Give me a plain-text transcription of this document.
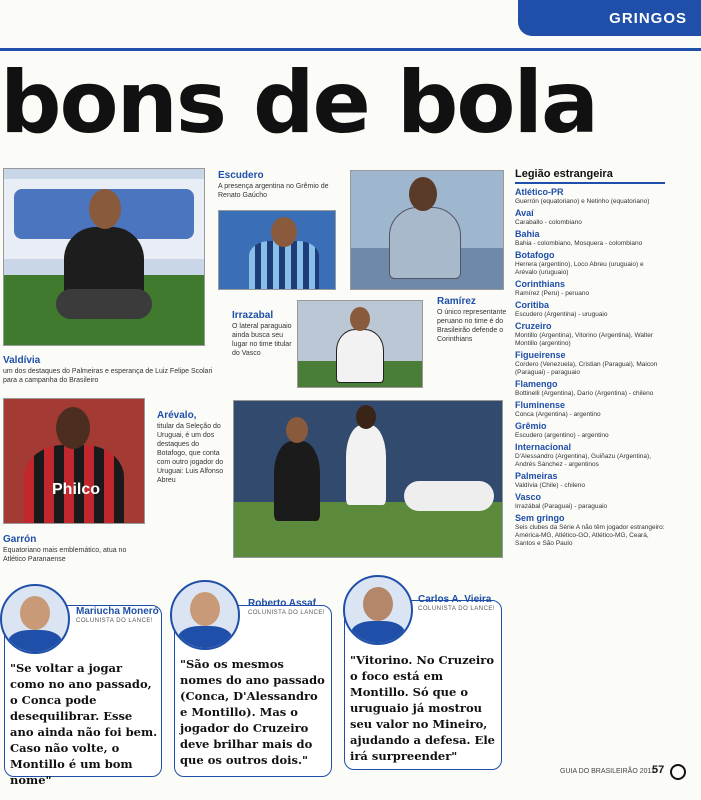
GRINGOS
bons de bola
Valdívia
um dos destaques do Palmeiras e esperança de Luiz Felipe Scolari para a campanha do Brasileiro
Escudero
A presença argentina no Grêmio de Renato Gaúcho
Irrazabal
O lateral paraguaio ainda busca seu lugar no time titular do Vasco
Ramírez
O único representante peruano no time é do Brasileirão defende o Corinthians
Philco
Garrón
Equatoriano mais emblemático, atua no Atlético Paranaense
Arévalo,
titular da Seleção do Uruguai, é um dos destaques do Botafogo, que conta com outro jogador do Uruguai: Luis Alfonso Abreu
Legião estrangeira
Atlético-PR
Guerrón (equatoriano) e Netinho (equatoriano)
Avaí
Caraballo - colombiano
Bahia
Bahia - colombiano, Mosquera - colombiano
Botafogo
Herrera (argentino), Loco Abreu (uruguaio) e Arévalo (uruguaio)
Corinthians
Ramírez (Peru) - peruano
Coritiba
Escudero (Argentina) - uruguaio
Cruzeiro
Montillo (Argentina), Vitorino (Argentina), Walter Montillo (argentino)
Figueirense
Cordero (Venezuela), Cristian (Paraguai), Maicon (Paraguai) - paraguaio
Flamengo
Bottinelli (Argentina), Darío (Argentina) - chileno
Fluminense
Conca (Argentina) - argentino
Grêmio
Escudero (argentino) - argentino
Internacional
D'Alessandro (Argentina), Guiñazu (Argentina), Andrés Sánchez - argentinos
Palmeiras
Valdívia (Chile) - chileno
Vasco
Irrazábal (Paraguai) - paraguaio
Sem gringo
Seis clubes da Série A não têm jogador estrangeiro: América-MG, Atlético-GO, Atlético-MG, Ceará, Santos e São Paulo
Mariucha Moneró
COLUNISTA DO LANCE!
"Se voltar a jogar como no ano passado, o Conca pode desequilibrar. Esse ano ainda não foi bem. Caso não volte, o Montillo é um bom nome"
Roberto Assaf
COLUNISTA DO LANCE!
"São os mesmos nomes do ano passado (Conca, D'Alessandro e Montillo). Mas o jogador do Cruzeiro deve brilhar mais do que os outros dois."
Carlos A. Vieira
COLUNISTA DO LANCE!
"Vitorino. No Cruzeiro o foco está em Montillo. Só que o uruguaio já mostrou seu valor no Mineiro, ajudando a defesa. Ele irá surpreender"
GUIA DO BRASILEIRÃO 2011
57
